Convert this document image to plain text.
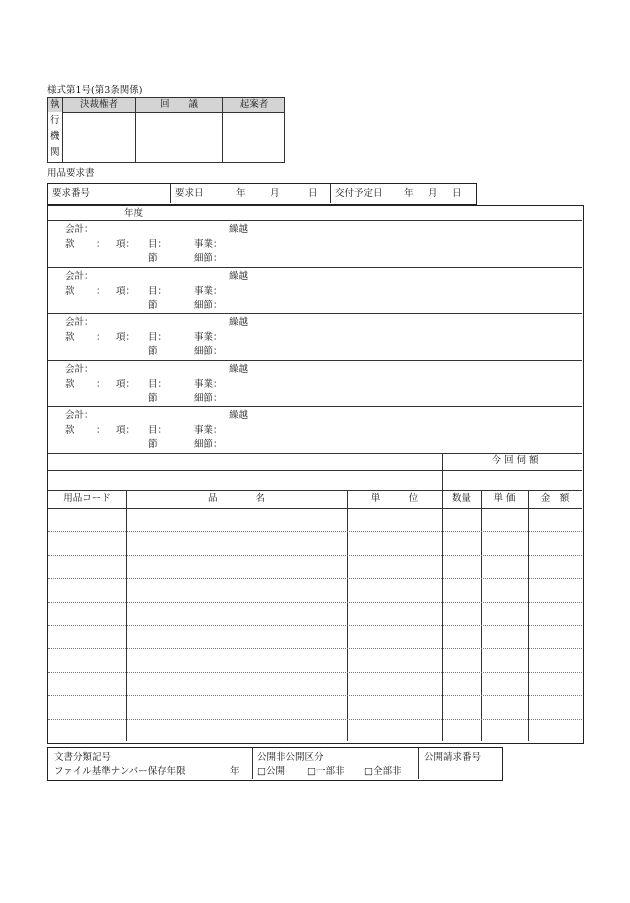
様式第1号(第3条関係)
執
行
機
関
決裁権者	回　　議	起案者
用品要求書
要求番号	要求日	年	月	日 交付予定日 年 月 日
年度
会計：	繰越
款 ： 項： 目：	事業：
節	細節：
会計：	繰越
款 ： 項： 目：	事業：
節	細節：
会計：	繰越
款 ： 項： 目：	事業：
節	細節：
会計：	繰越
款 ： 項： 目：	事業：
節	細節：
会計：	繰越
款 ： 項： 目：	事業：
節	細節：
今 回 伺 額
用品コード	品　　　　名	単　　　位	数量	単 価	金　額
文書分類記号
ファイル基準ナンバー保存年限	年
公開非公開区分
□公開 □一部非 □全部非
公開請求番号
